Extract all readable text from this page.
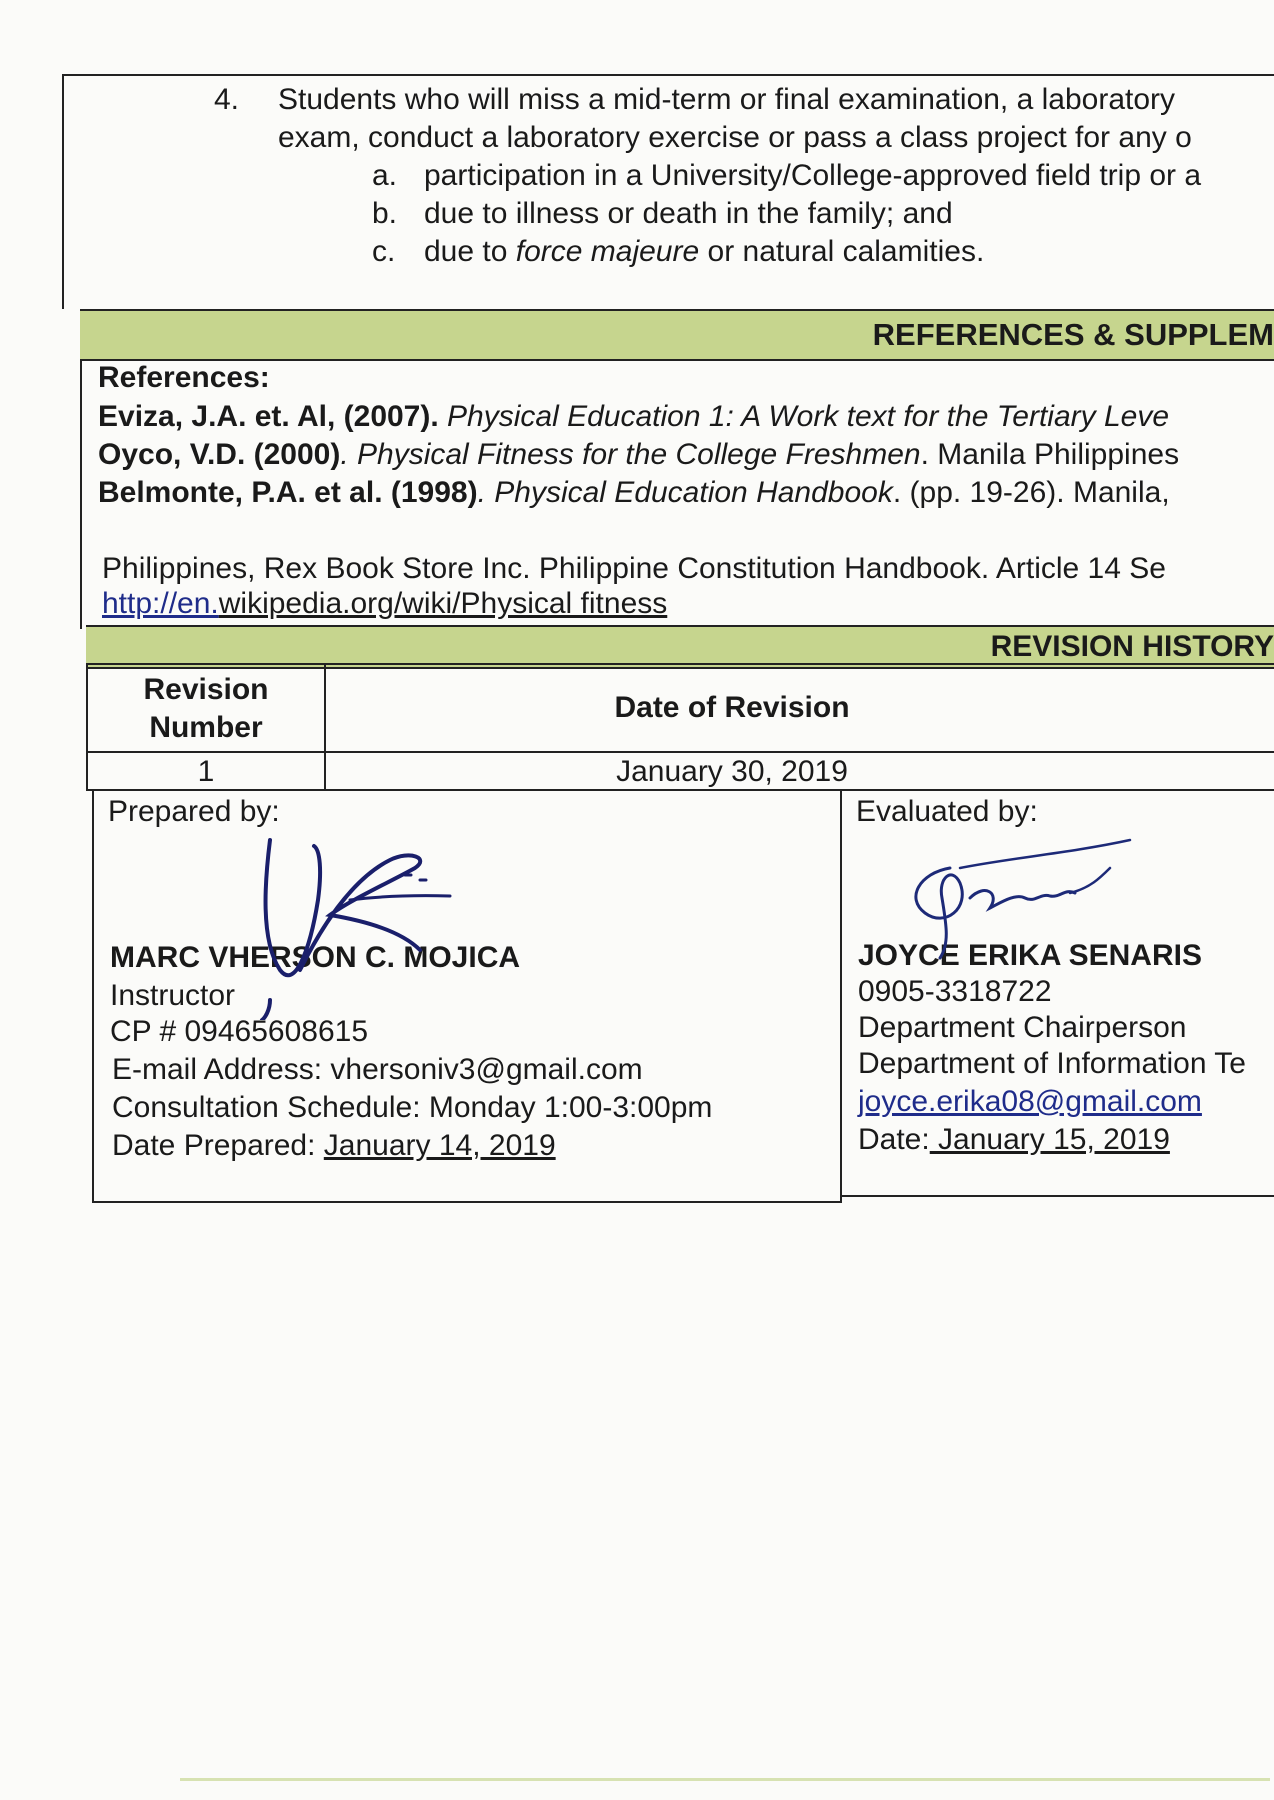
4. Students who will miss a mid-term or final examination, a laboratory
exam, conduct a laboratory exercise or pass a class project for any o
a. participation in a University/College-approved field trip or a
b. due to illness or death in the family; and
c. due to force majeure or natural calamities.
REFERENCES & SUPPLEM
References:
Eviza, J.A. et. Al, (2007). Physical Education 1: A Work text for the Tertiary Leve
Oyco, V.D. (2000). Physical Fitness for the College Freshmen. Manila Philippines
Belmonte, P.A. et al. (1998). Physical Education Handbook. (pp. 19-26). Manila,
Philippines, Rex Book Store Inc. Philippine Constitution Handbook. Article 14 Se
http://en.wikipedia.org/wiki/Physical fitness
REVISION HISTORY
Revision
Number
Date of Revision
1	January 30, 2019
Prepared by:
MARC VHERSON C. MOJICA
Instructor
CP # 09465608615
E-mail Address: vhersoniv3@gmail.com
Consultation Schedule: Monday 1:00-3:00pm
Date Prepared: January 14, 2019
Evaluated by:
JOYCE ERIKA SENARIS
0905-3318722
Department Chairperson
Department of Information Te
joyce.erika08@gmail.com
Date: January 15, 2019
